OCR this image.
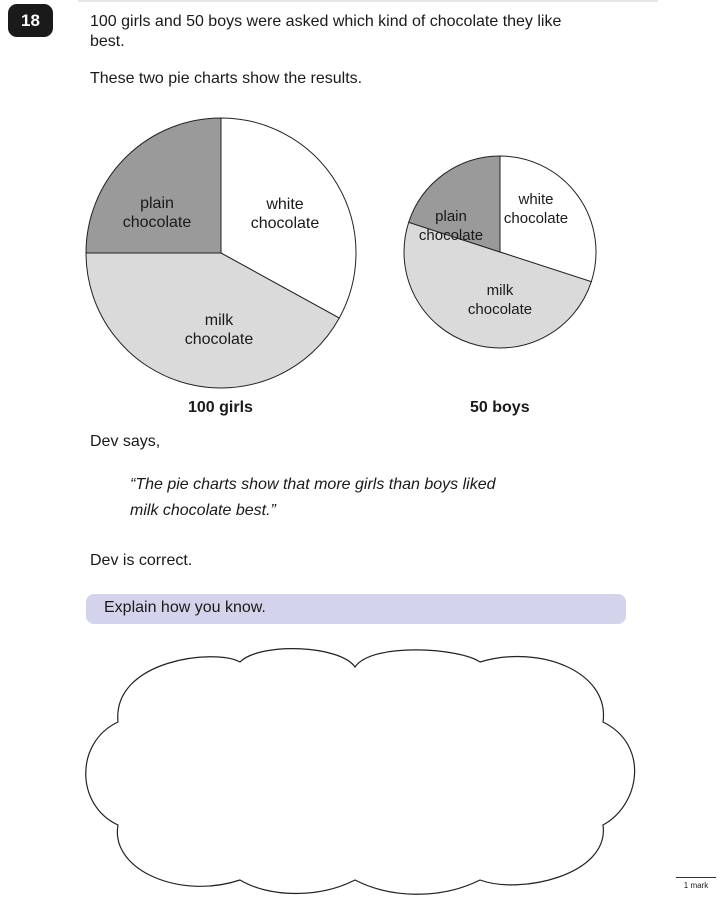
18	100 girls and 50 boys were asked which kind of chocolate they like best.
These two pie charts show the results.
white chocolate
milk chocolate
plain chocolate
white chocolate
milk chocolate
plain chocolate
100 girls	50 boys
Dev says,
“The pie charts show that more girls than boys liked
milk chocolate best.”
Dev is correct.
Explain how you know.
1 mark
